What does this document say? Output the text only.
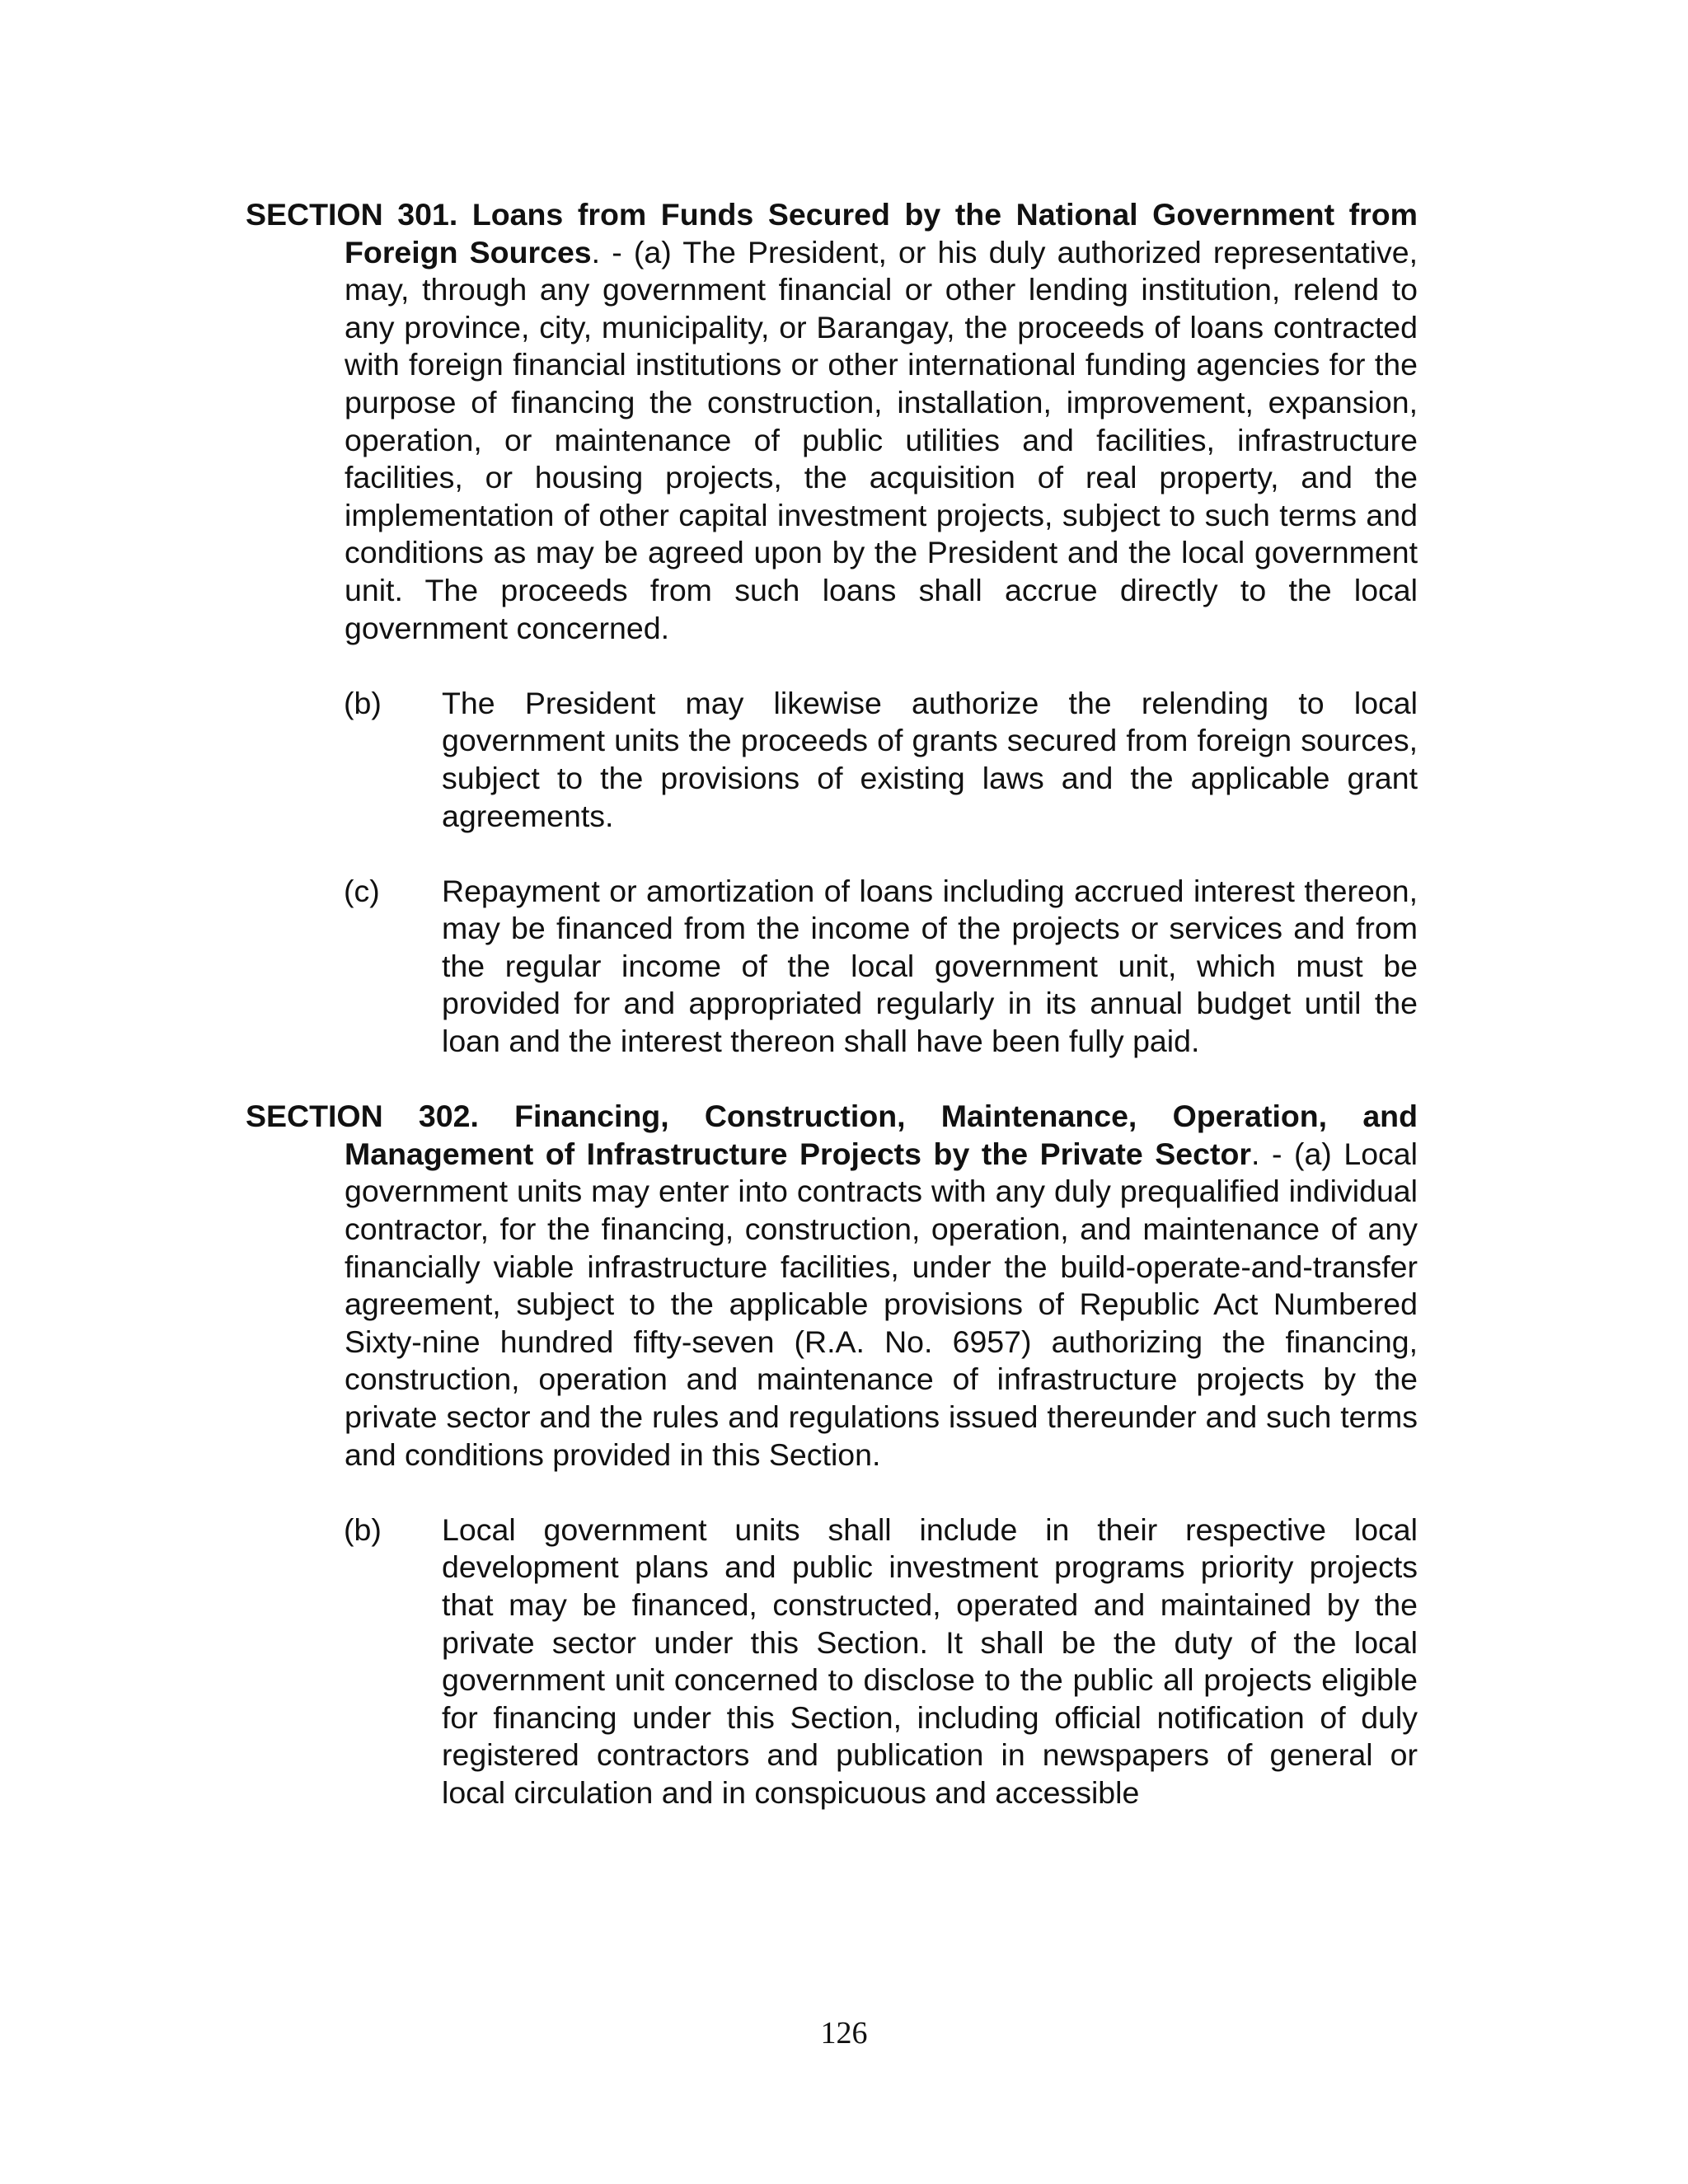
SECTION 301. Loans from Funds Secured by the National Government from Foreign Sources. - (a) The President, or his duly authorized representative, may, through any government financial or other lending institution, relend to any province, city, municipality, or Barangay, the proceeds of loans contracted with foreign financial institutions or other international funding agencies for the purpose of financing the construction, installation, improvement, expansion, operation, or maintenance of public utilities and facilities, infrastructure facilities, or housing projects, the acquisition of real property, and the implementation of other capital investment projects, subject to such terms and conditions as may be agreed upon by the President and the local government unit. The proceeds from such loans shall accrue directly to the local government concerned.

(b) The President may likewise authorize the relending to local government units the proceeds of grants secured from foreign sources, subject to the provisions of existing laws and the applicable grant agreements.
(c) Repayment or amortization of loans including accrued interest thereon, may be financed from the income of the projects or services and from the regular income of the local government unit, which must be provided for and appropriated regularly in its annual budget until the loan and the interest thereon shall have been fully paid.

SECTION 302. Financing, Construction, Maintenance, Operation, and Management of Infrastructure Projects by the Private Sector. - (a) Local government units may enter into contracts with any duly prequalified individual contractor, for the financing, construction, operation, and maintenance of any financially viable infrastructure facilities, under the build-operate-and-transfer agreement, subject to the applicable provisions of Republic Act Numbered Sixty-nine hundred fifty-seven (R.A. No. 6957) authorizing the financing, construction, operation and maintenance of infrastructure projects by the private sector and the rules and regulations issued thereunder and such terms and conditions provided in this Section.

(b) Local government units shall include in their respective local development plans and public investment programs priority projects that may be financed, constructed, operated and maintained by the private sector under this Section. It shall be the duty of the local government unit concerned to disclose to the public all projects eligible for financing under this Section, including official notification of duly registered contractors and publication in newspapers of general or local circulation and in conspicuous and accessible
126
